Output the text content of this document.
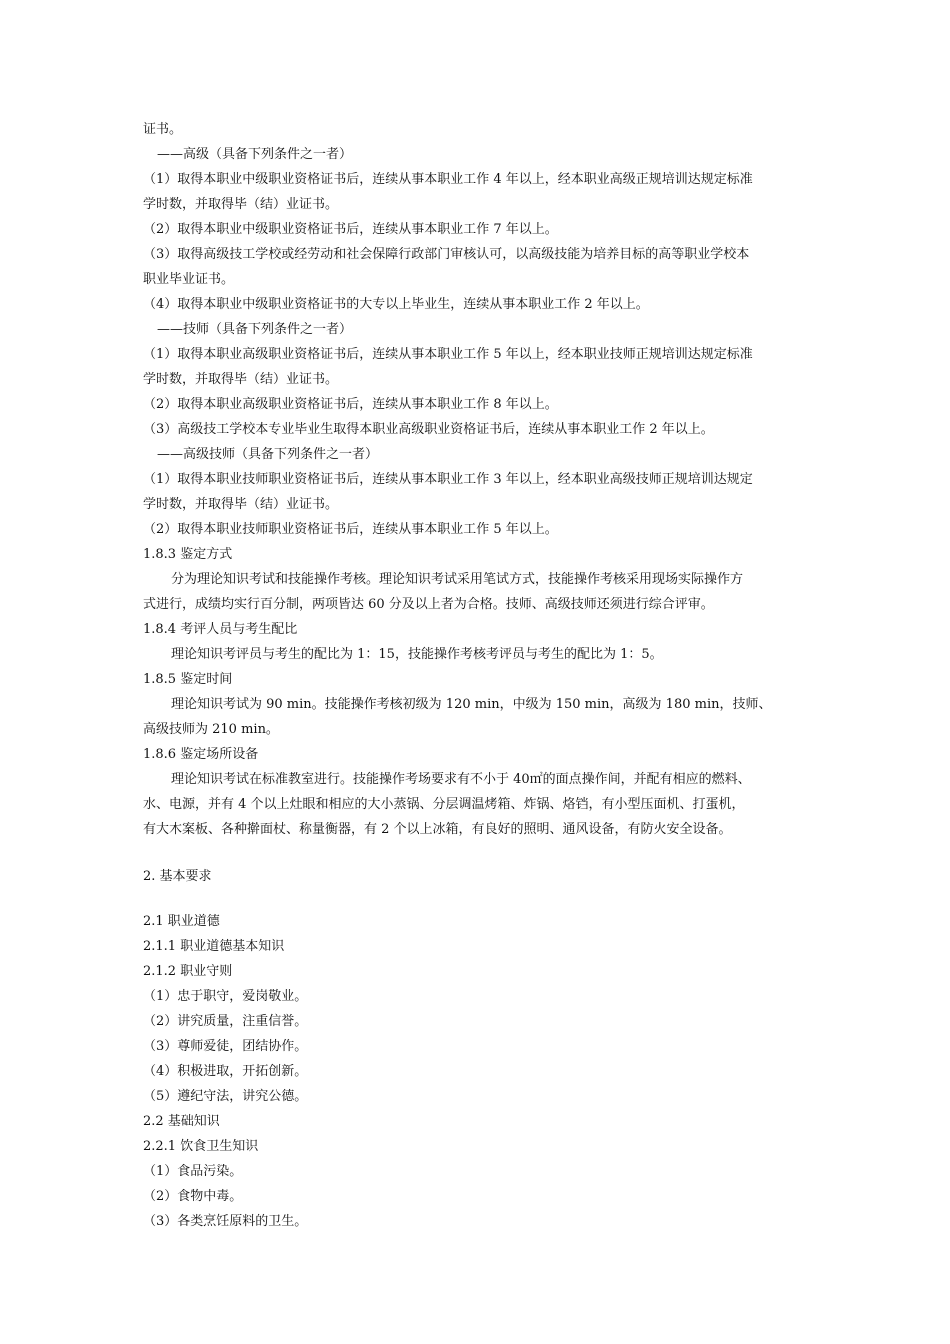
证书。
——高级（具备下列条件之一者）
（1）取得本职业中级职业资格证书后，连续从事本职业工作 4 年以上，经本职业高级正规培训达规定标准
学时数，并取得毕（结）业证书。
（2）取得本职业中级职业资格证书后，连续从事本职业工作 7 年以上。
（3）取得高级技工学校或经劳动和社会保障行政部门审核认可，以高级技能为培养目标的高等职业学校本
职业毕业证书。
（4）取得本职业中级职业资格证书的大专以上毕业生，连续从事本职业工作 2 年以上。
——技师（具备下列条件之一者）
（1）取得本职业高级职业资格证书后，连续从事本职业工作 5 年以上，经本职业技师正规培训达规定标准
学时数，并取得毕（结）业证书。
（2）取得本职业高级职业资格证书后，连续从事本职业工作 8 年以上。
（3）高级技工学校本专业毕业生取得本职业高级职业资格证书后，连续从事本职业工作 2 年以上。
——高级技师（具备下列条件之一者）
（1）取得本职业技师职业资格证书后，连续从事本职业工作 3 年以上，经本职业高级技师正规培训达规定
学时数，并取得毕（结）业证书。
（2）取得本职业技师职业资格证书后，连续从事本职业工作 5 年以上。
1.8.3 鉴定方式
分为理论知识考试和技能操作考核。理论知识考试采用笔试方式，技能操作考核采用现场实际操作方
式进行，成绩均实行百分制，两项皆达 60 分及以上者为合格。技师、高级技师还须进行综合评审。
1.8.4 考评人员与考生配比
理论知识考评员与考生的配比为 1：15，技能操作考核考评员与考生的配比为 1：5。
1.8.5 鉴定时间
理论知识考试为 90 min。技能操作考核初级为 120 min，中级为 150 min，高级为 180 min，技师、
高级技师为 210 min。
1.8.6 鉴定场所设备
理论知识考试在标准教室进行。技能操作考场要求有不小于 40㎡的面点操作间，并配有相应的燃料、
水、电源，并有 4 个以上灶眼和相应的大小蒸锅、分层调温烤箱、炸锅、烙铛，有小型压面机、打蛋机，
有大木案板、各种擀面杖、称量衡器，有 2 个以上冰箱，有良好的照明、通风设备，有防火安全设备。
2. 基本要求
2.1 职业道德
2.1.1 职业道德基本知识
2.1.2 职业守则
（1）忠于职守，爱岗敬业。
（2）讲究质量，注重信誉。
（3）尊师爱徒，团结协作。
（4）积极进取，开拓创新。
（5）遵纪守法，讲究公德。
2.2 基础知识
2.2.1 饮食卫生知识
（1）食品污染。
（2）食物中毒。
（3）各类烹饪原料的卫生。
